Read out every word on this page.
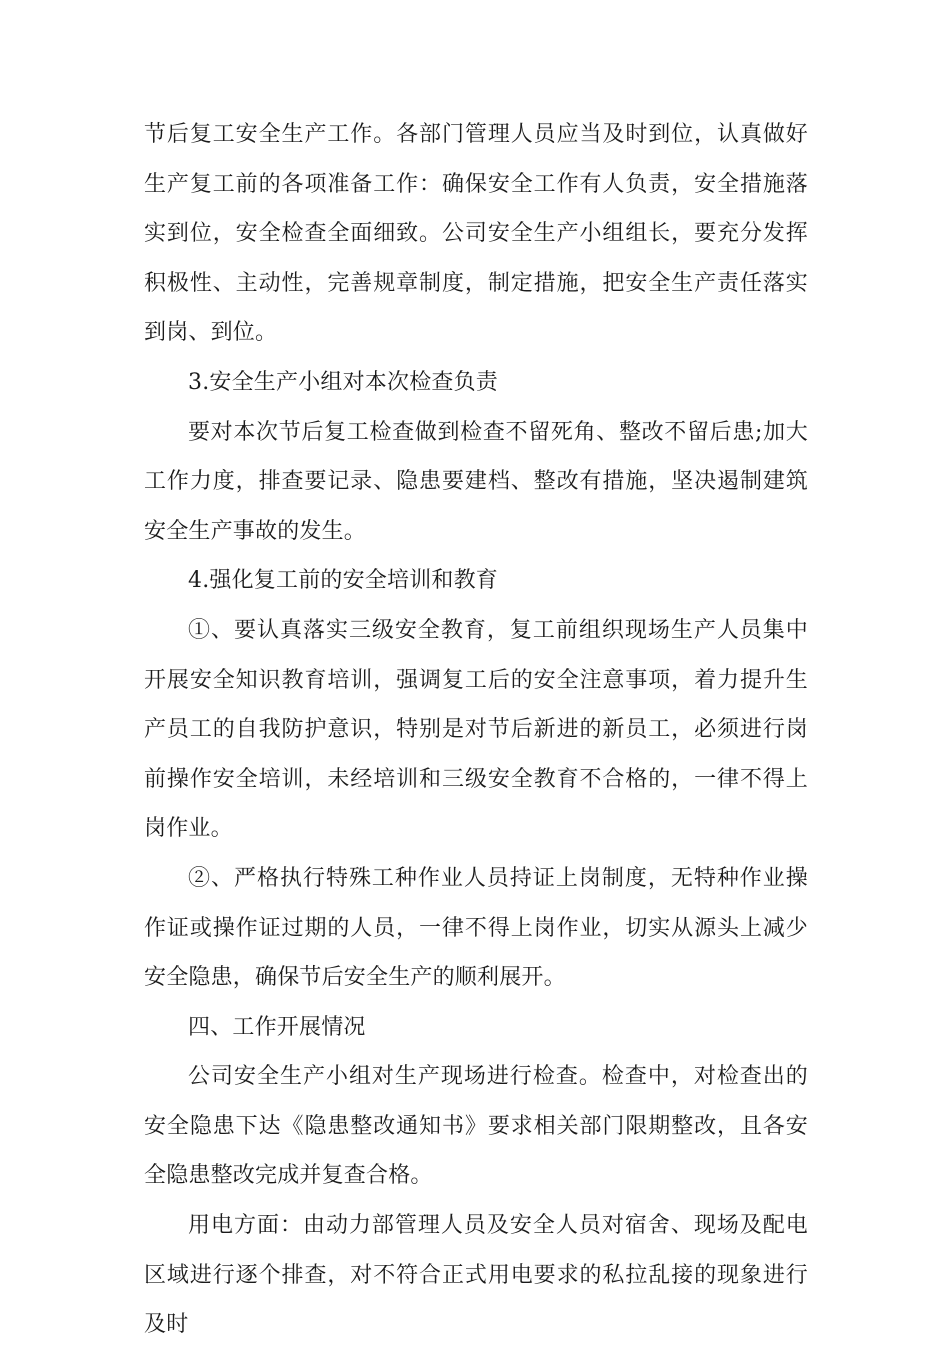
节后复工安全生产工作。各部门管理人员应当及时到位，认真做好生产复工前的各项准备工作：确保安全工作有人负责，安全措施落实到位，安全检查全面细致。公司安全生产小组组长，要充分发挥积极性、主动性，完善规章制度，制定措施，把安全生产责任落实到岗、到位。

3.安全生产小组对本次检查负责

要对本次节后复工检查做到检查不留死角、整改不留后患;加大工作力度，排查要记录、隐患要建档、整改有措施，坚决遏制建筑安全生产事故的发生。

4.强化复工前的安全培训和教育

①、要认真落实三级安全教育，复工前组织现场生产人员集中开展安全知识教育培训，强调复工后的安全注意事项，着力提升生产员工的自我防护意识，特别是对节后新进的新员工，必须进行岗前操作安全培训，未经培训和三级安全教育不合格的，一律不得上岗作业。

②、严格执行特殊工种作业人员持证上岗制度，无特种作业操作证或操作证过期的人员，一律不得上岗作业，切实从源头上减少安全隐患，确保节后安全生产的顺利展开。

四、工作开展情况

公司安全生产小组对生产现场进行检查。检查中，对检查出的安全隐患下达《隐患整改通知书》要求相关部门限期整改，且各安全隐患整改完成并复查合格。

用电方面：由动力部管理人员及安全人员对宿舍、现场及配电区域进行逐个排查，对不符合正式用电要求的私拉乱接的现象进行及时
